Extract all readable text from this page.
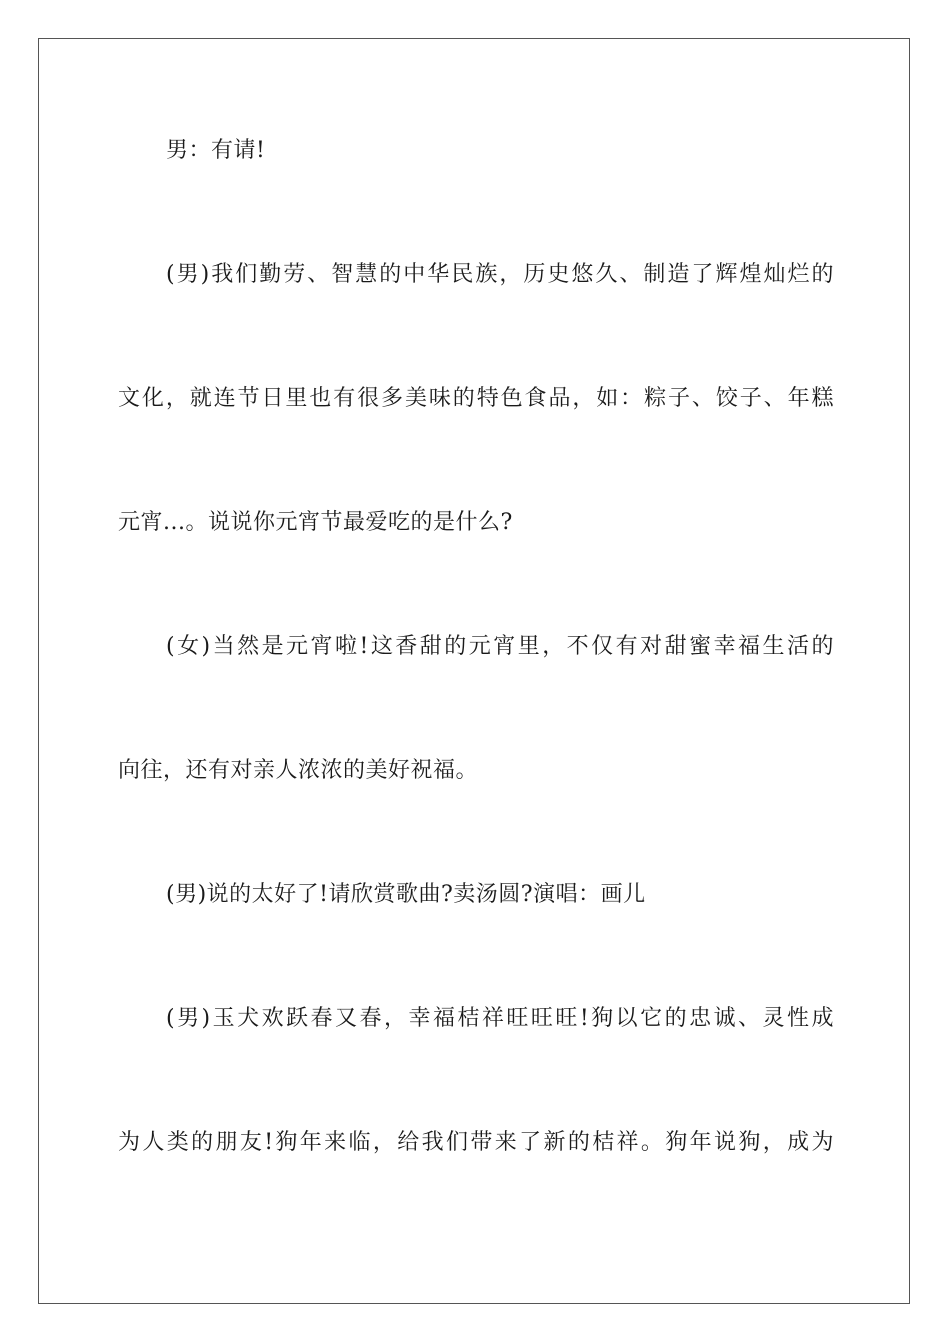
男：有请!
(男)我们勤劳、智慧的中华民族，历史悠久、制造了辉煌灿烂的
文化，就连节日里也有很多美味的特色食品，如：粽子、饺子、年糕
元宵...。说说你元宵节最爱吃的是什么?
(女)当然是元宵啦!这香甜的元宵里，不仅有对甜蜜幸福生活的
向往，还有对亲人浓浓的美好祝福。
(男)说的太好了!请欣赏歌曲?卖汤圆?演唱：画儿
(男)玉犬欢跃春又春，幸福桔祥旺旺旺!狗以它的忠诚、灵性成
为人类的朋友!狗年来临，给我们带来了新的桔祥。狗年说狗，成为
